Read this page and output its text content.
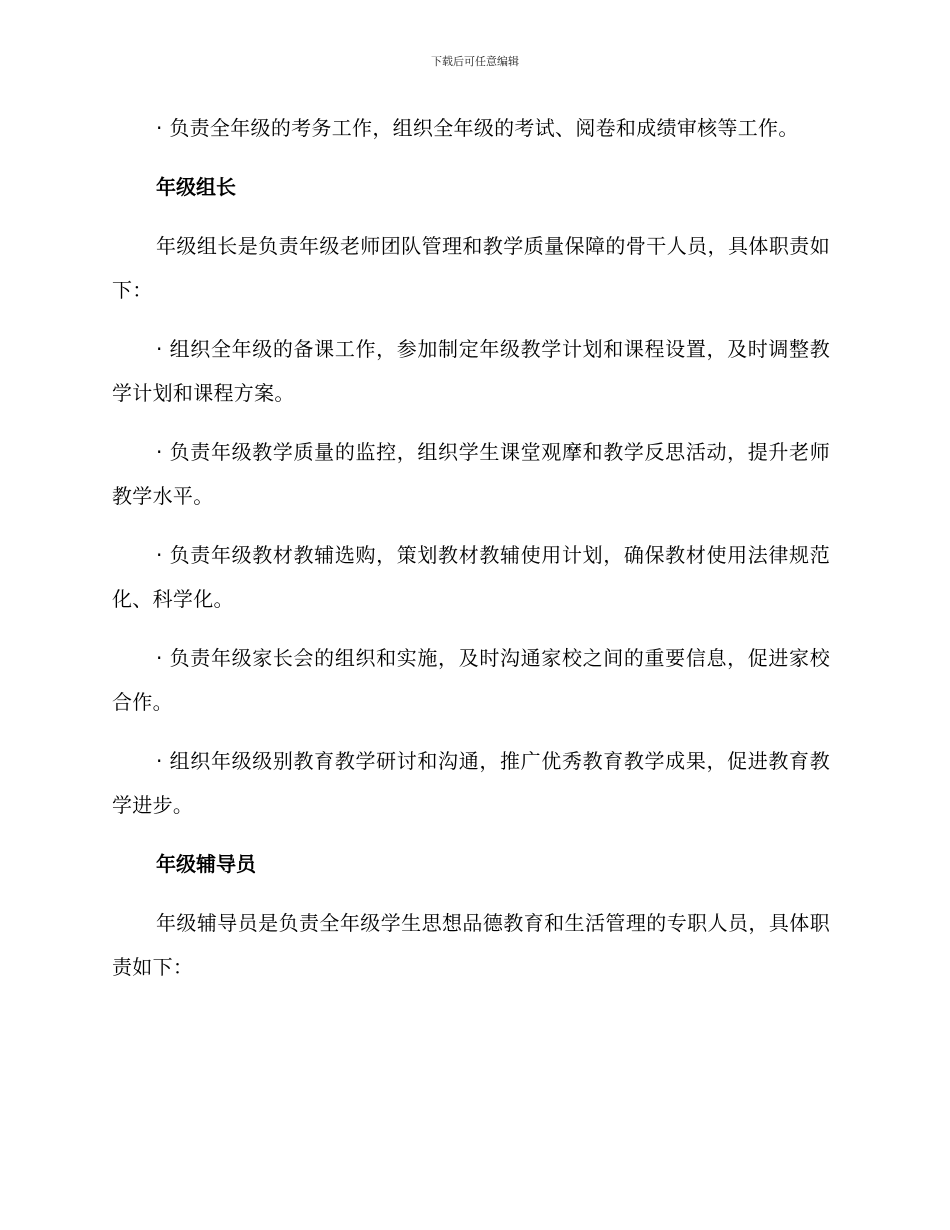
下载后可任意编辑

· 负责全年级的考务工作，组织全年级的考试、阅卷和成绩审核等工作。

年级组长

年级组长是负责年级老师团队管理和教学质量保障的骨干人员，具体职责如下：

· 组织全年级的备课工作，参加制定年级教学计划和课程设置，及时调整教学计划和课程方案。

· 负责年级教学质量的监控，组织学生课堂观摩和教学反思活动，提升老师教学水平。

· 负责年级教材教辅选购，策划教材教辅使用计划，确保教材使用法律规范化、科学化。

· 负责年级家长会的组织和实施，及时沟通家校之间的重要信息，促进家校合作。

· 组织年级级别教育教学研讨和沟通，推广优秀教育教学成果，促进教育教学进步。

年级辅导员

年级辅导员是负责全年级学生思想品德教育和生活管理的专职人员，具体职责如下：
